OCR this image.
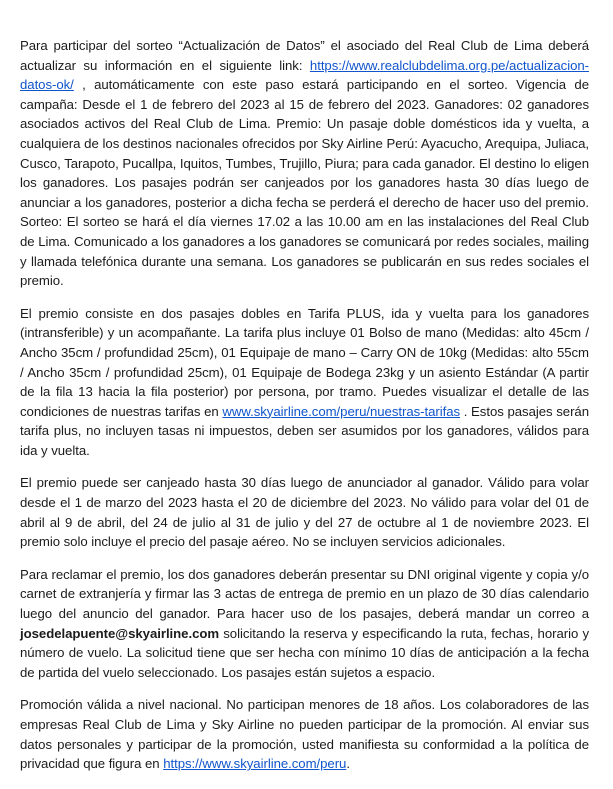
Para participar del sorteo “Actualización de Datos” el asociado del Real Club de Lima deberá actualizar su información en el siguiente link: https://www.realclubdelima.org.pe/actualizacion-datos-ok/ , automáticamente con este paso estará participando en el sorteo. Vigencia de campaña: Desde el 1 de febrero del 2023 al 15 de febrero del 2023. Ganadores: 02 ganadores asociados activos del Real Club de Lima. Premio: Un pasaje doble domésticos ida y vuelta, a cualquiera de los destinos nacionales ofrecidos por Sky Airline Perú: Ayacucho, Arequipa, Juliaca, Cusco, Tarapoto, Pucallpa, Iquitos, Tumbes, Trujillo, Piura; para cada ganador. El destino lo eligen los ganadores. Los pasajes podrán ser canjeados por los ganadores hasta 30 días luego de anunciar a los ganadores, posterior a dicha fecha se perderá el derecho de hacer uso del premio. Sorteo: El sorteo se hará el día viernes 17.02 a las 10.00 am en las instalaciones del Real Club de Lima. Comunicado a los ganadores a los ganadores se comunicará por redes sociales, mailing y llamada telefónica durante una semana. Los ganadores se publicarán en sus redes sociales el premio.

El premio consiste en dos pasajes dobles en Tarifa PLUS, ida y vuelta para los ganadores (intransferible) y un acompañante. La tarifa plus incluye 01 Bolso de mano (Medidas: alto 45cm / Ancho 35cm / profundidad 25cm), 01 Equipaje de mano – Carry ON de 10kg (Medidas: alto 55cm / Ancho 35cm / profundidad 25cm), 01 Equipaje de Bodega 23kg y un asiento Estándar (A partir de la fila 13 hacia la fila posterior) por persona, por tramo. Puedes visualizar el detalle de las condiciones de nuestras tarifas en www.skyairline.com/peru/nuestras-tarifas . Estos pasajes serán tarifa plus, no incluyen tasas ni impuestos, deben ser asumidos por los ganadores, válidos para ida y vuelta.

El premio puede ser canjeado hasta 30 días luego de anunciador al ganador. Válido para volar desde el 1 de marzo del 2023 hasta el 20 de diciembre del 2023. No válido para volar del 01 de abril al 9 de abril, del 24 de julio al 31 de julio y del 27 de octubre al 1 de noviembre 2023. El premio solo incluye el precio del pasaje aéreo. No se incluyen servicios adicionales.

Para reclamar el premio, los dos ganadores deberán presentar su DNI original vigente y copia y/o carnet de extranjería y firmar las 3 actas de entrega de premio en un plazo de 30 días calendario luego del anuncio del ganador. Para hacer uso de los pasajes, deberá mandar un correo a josedelapuente@skyairline.com solicitando la reserva y especificando la ruta, fechas, horario y número de vuelo. La solicitud tiene que ser hecha con mínimo 10 días de anticipación a la fecha de partida del vuelo seleccionado. Los pasajes están sujetos a espacio.

Promoción válida a nivel nacional. No participan menores de 18 años. Los colaboradores de las empresas Real Club de Lima y Sky Airline no pueden participar de la promoción. Al enviar sus datos personales y participar de la promoción, usted manifiesta su conformidad a la política de privacidad que figura en https://www.skyairline.com/peru.
